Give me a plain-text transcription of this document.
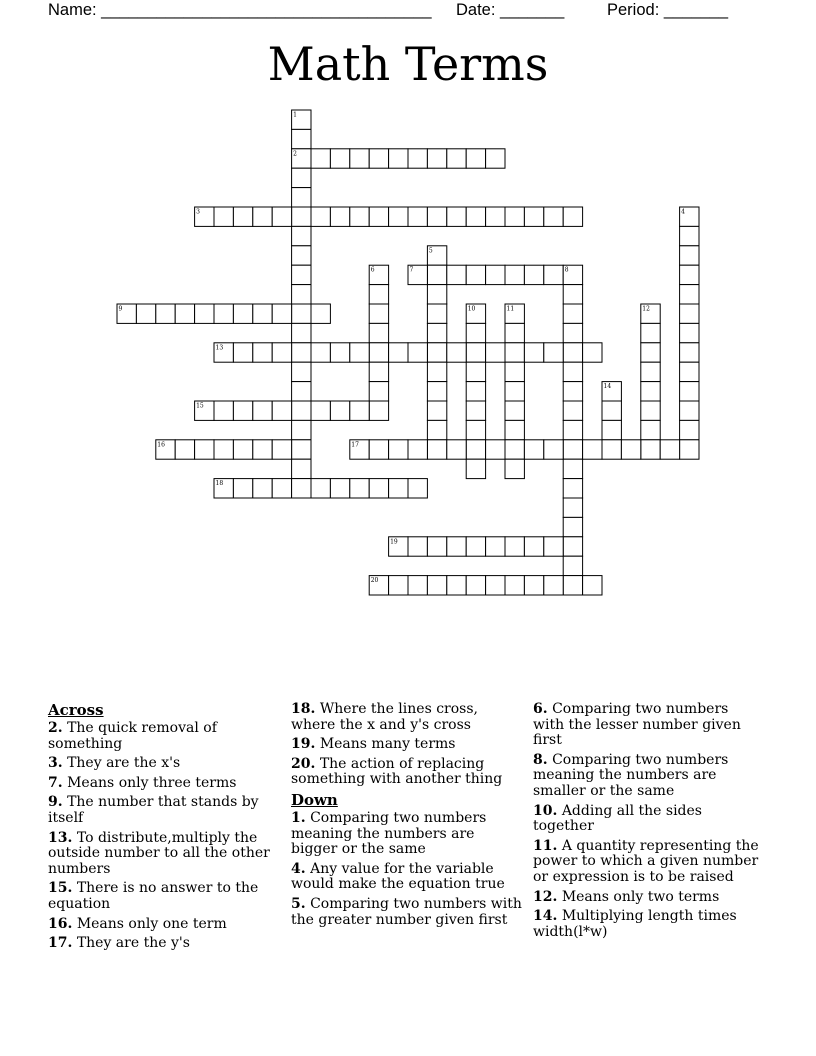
Name: ____________________________________ Date: _______	Period: _______
Math Terms
1
2
3	4
5
6	7	8
9	10	11	12
13
14
15
16	17
18
19
20
Across
2. The quick removal of something
3. They are the x's
7. Means only three terms
9. The number that stands by itself
13. To distribute,multiply the outside number to all the other numbers
15. There is no answer to the equation
16. Means only one term
17. They are the y's
18. Where the lines cross, where the x and y's cross
19. Means many terms
20. The action of replacing something with another thing
Down
1. Comparing two numbers meaning the numbers are bigger or the same
4. Any value for the variable would make the equation true
5. Comparing two numbers with the greater number given first
6. Comparing two numbers with the lesser number given first
8. Comparing two numbers meaning the numbers are smaller or the same
10. Adding all the sides together
11. A quantity representing the power to which a given number or expression is to be raised
12. Means only two terms
14. Multiplying length times width(l*w)
